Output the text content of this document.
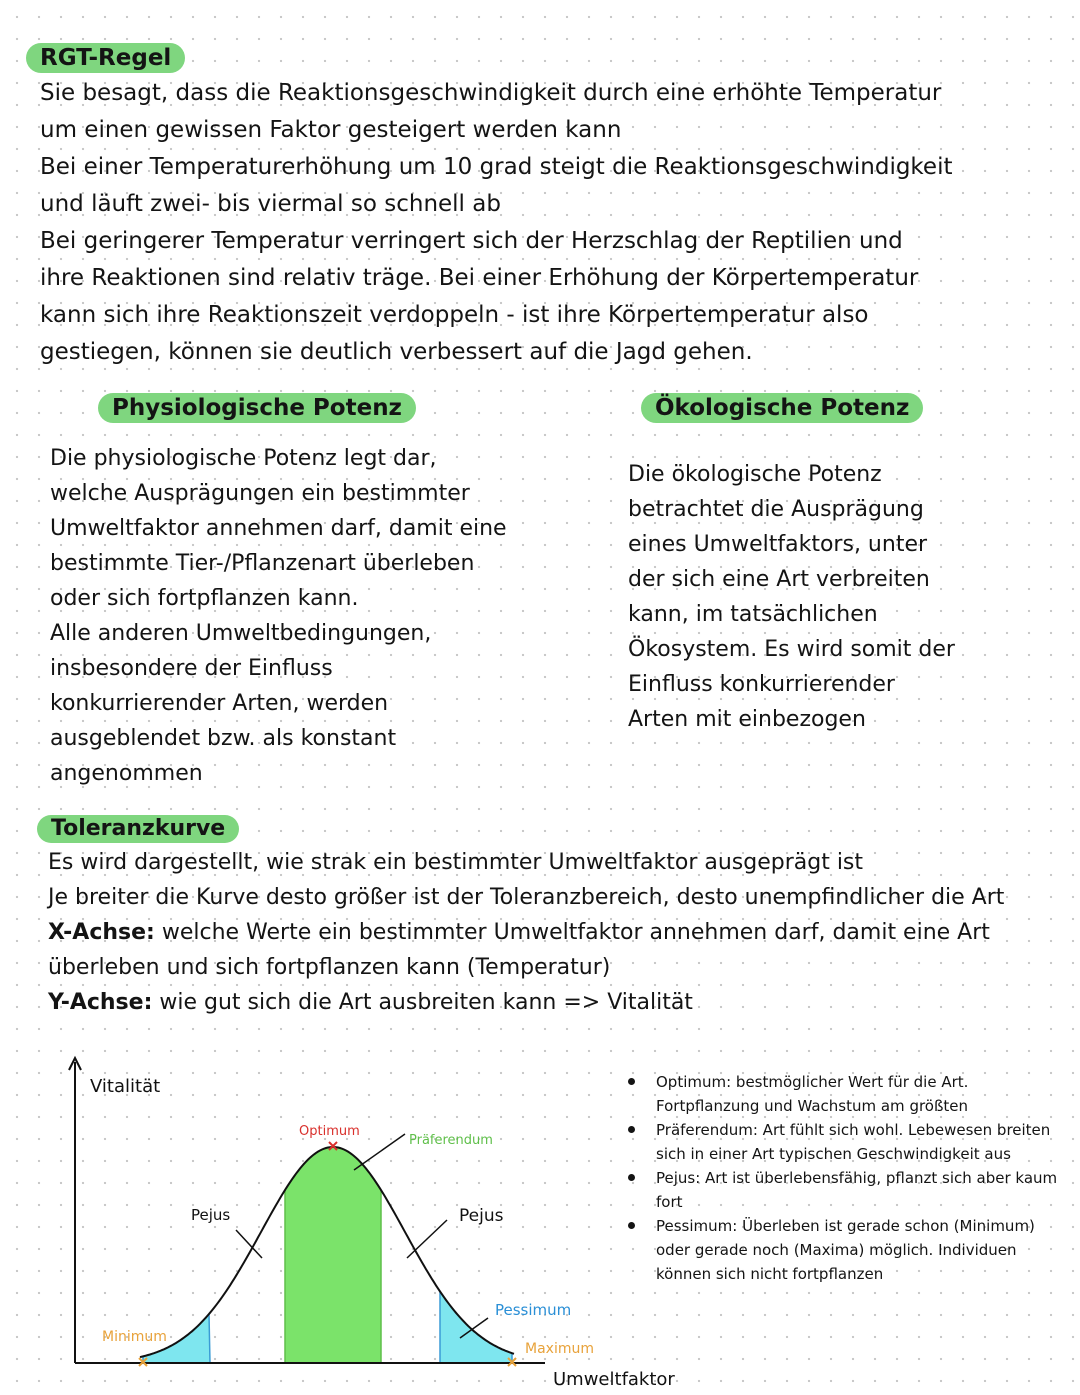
RGT-Regel
Sie besagt, dass die Reaktionsgeschwindigkeit durch eine erhöhte Temperatur
um einen gewissen Faktor gesteigert werden kann
Bei einer Temperaturerhöhung um 10 grad steigt die Reaktionsgeschwindigkeit
und läuft zwei- bis viermal so schnell ab
Bei geringerer Temperatur verringert sich der Herzschlag der Reptilien und
ihre Reaktionen sind relativ träge. Bei einer Erhöhung der Körpertemperatur
kann sich ihre Reaktionszeit verdoppeln - ist ihre Körpertemperatur also
gestiegen, können sie deutlich verbessert auf die Jagd gehen.
Physiologische Potenz
Die physiologische Potenz legt dar,
welche Ausprägungen ein bestimmter
Umweltfaktor annehmen darf, damit eine
bestimmte Tier-/Pflanzenart überleben
oder sich fortpflanzen kann.
Alle anderen Umweltbedingungen,
insbesondere der Einfluss
konkurrierender Arten, werden
ausgeblendet bzw. als konstant
angenommen
Ökologische Potenz
Die ökologische Potenz
betrachtet die Ausprägung
eines Umweltfaktors, unter
der sich eine Art verbreiten
kann, im tatsächlichen
Ökosystem. Es wird somit der
Einfluss konkurrierender
Arten mit einbezogen
Toleranzkurve
Es wird dargestellt, wie strak ein bestimmter Umweltfaktor ausgeprägt ist
Je breiter die Kurve desto größer ist der Toleranzbereich, desto unempfindlicher die Art
X-Achse: welche Werte ein bestimmter Umweltfaktor annehmen darf, damit eine Art
überleben und sich fortpflanzen kann (Temperatur)
Y-Achse: wie gut sich die Art ausbreiten kann => Vitalität
Vitalität
Umweltfaktor
Optimum
Präferendum
Pejus	Pejus
Pessimum
Minimum
Maximum
Optimum: bestmöglicher Wert für die Art. Fortpflanzung und Wachstum am größten
Präferendum: Art fühlt sich wohl. Lebewesen breiten sich in einer Art typischen Geschwindigkeit aus
Pejus: Art ist überlebensfähig, pflanzt sich aber kaum fort
Pessimum: Überleben ist gerade schon (Minimum) oder gerade noch (Maxima) möglich. Individuen können sich nicht fortpflanzen
